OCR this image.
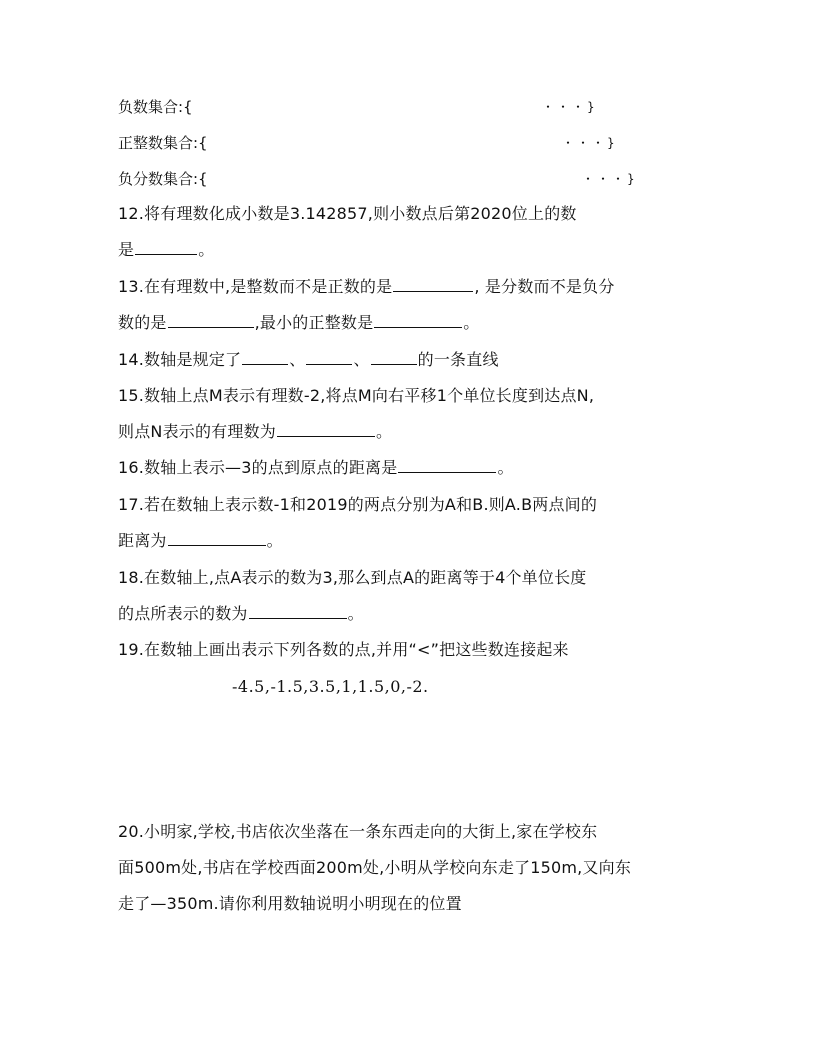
负数集合:{	・・・}
正整数集合:{	・・・}
负分数集合:{	・・・}
12.将有理数化成小数是3.142857,则小数点后第2020位上的数
是	。
13.在有理数中,是整数而不是正数的是	, 是分数而不是负分
数的是	,最小的正整数是	。
14.数轴是规定了	、	、	的一条直线
15.数轴上点M表示有理数-2,将点M向右平移1个单位长度到达点N,
则点N表示的有理数为	。
16.数轴上表示—3的点到原点的距离是	。
17.若在数轴上表示数-1和2019的两点分别为A和B.则A.B两点间的
距离为	。
18.在数轴上,点A表示的数为3,那么到点A的距离等于4个单位长度
的点所表示的数为	。
19.在数轴上画出表示下列各数的点,并用“<”把这些数连接起来
-4.5,-1.5,3.5,1,1.5,0,-2.
20.小明家,学校,书店依次坐落在一条东西走向的大街上,家在学校东
面500m处,书店在学校西面200m处,小明从学校向东走了150m,又向东
走了—350m.请你利用数轴说明小明现在的位置
